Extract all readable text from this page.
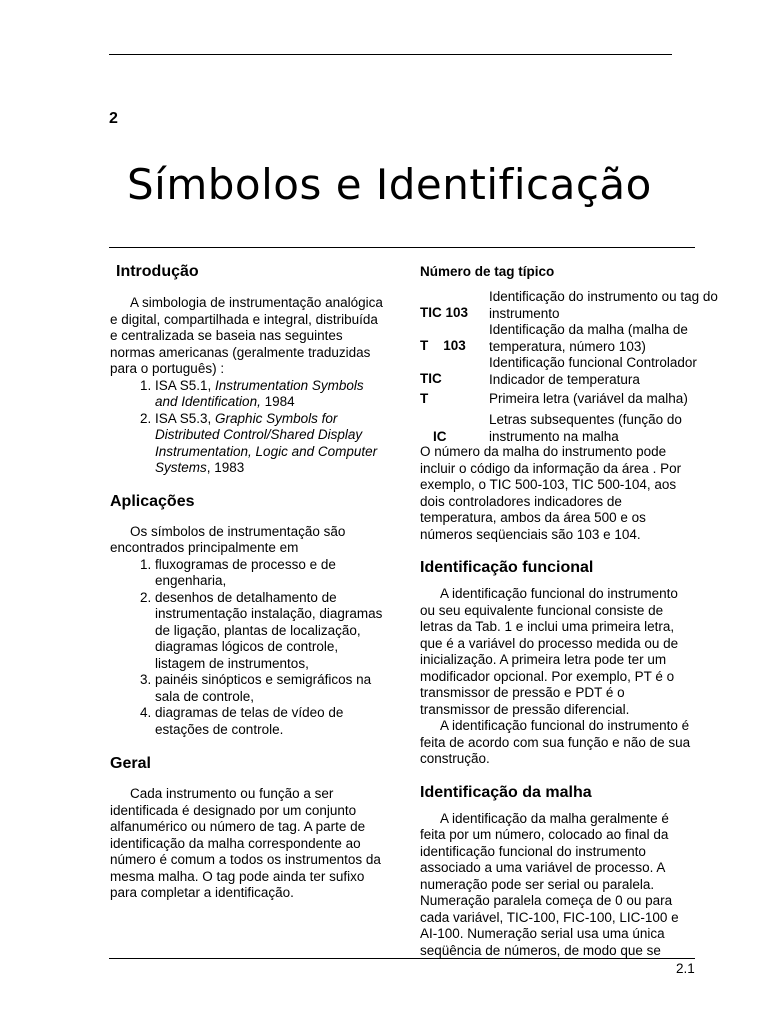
2
Símbolos e Identificação
Introdução

A simbologia de instrumentação analógica e digital, compartilhada e integral, distribuída e centralizada se baseia nas seguintes normas americanas (geralmente traduzidas para o português) :

1. ISA S5.1, Instrumentation Symbols and Identification, 1984
2. ISA S5.3, Graphic Symbols for Distributed Control/Shared Display Instrumentation, Logic and Computer Systems, 1983
Aplicações

Os símbolos de instrumentação são encontrados principalmente em

1. fluxogramas de processo e de engenharia,
2. desenhos de detalhamento de instrumentação instalação, diagramas de ligação, plantas de localização, diagramas lógicos de controle, listagem de instrumentos,
3. painéis sinópticos e semigráficos na sala de controle,
4. diagramas de telas de vídeo de estações de controle.
Geral

Cada instrumento ou função a ser identificada é designado por um conjunto alfanumérico ou número de tag. A parte de identificação da malha correspondente ao número é comum a todos os instrumentos da mesma malha. O tag pode ainda ter sufixo para completar a identificação.

Número de tag típico
TIC 103
Identificação do instrumento ou tag do instrumento
T    103
Identificação da malha (malha de temperatura, número 103)
TIC
Identificação funcional Controlador Indicador de temperatura
T	Primeira letra (variável da malha)
IC
Letras subsequentes (função do instrumento na malha
O número da malha do instrumento pode incluir o código da informação da área . Por exemplo, o TIC 500-103, TIC 500-104, aos dois controladores indicadores de temperatura, ambos da área 500 e os números seqüenciais são 103 e 104.
Identificação funcional

A identificação funcional do instrumento ou seu equivalente funcional consiste de letras da Tab. 1 e inclui uma primeira letra, que é a variável do processo medida ou de inicialização. A primeira letra pode ter um modificador opcional. Por exemplo, PT é o transmissor de pressão e PDT é o transmissor de pressão diferencial.

A identificação funcional do instrumento é feita de acordo com sua função e não de sua construção.

Identificação da malha

A identificação da malha geralmente é feita por um número, colocado ao final da identificação funcional do instrumento associado a uma variável de processo. A numeração pode ser serial ou paralela. Numeração paralela começa de 0 ou para cada variável, TIC-100, FIC-100, LIC-100 e AI-100. Numeração serial usa uma única seqüência de números, de modo que se

2.1
